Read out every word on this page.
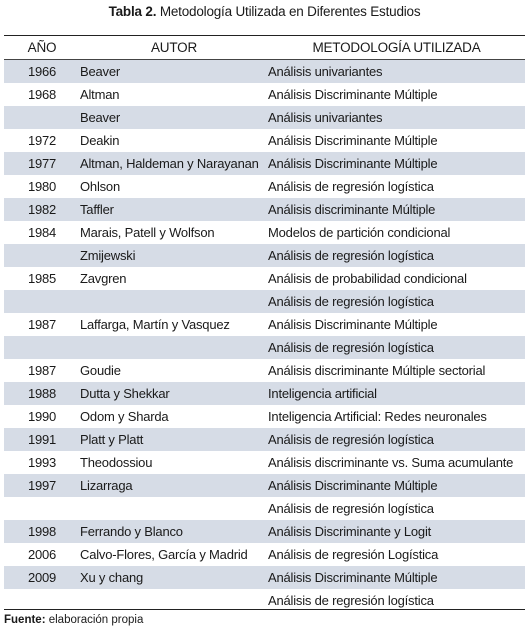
Tabla 2. Metodología Utilizada en Diferentes Estudios
AÑO	AUTOR	METODOLOGÍA UTILIZADA
1966	Beaver	Análisis univariantes
1968	Altman	Análisis Discriminante Múltiple
	Beaver	Análisis univariantes
1972	Deakin	Análisis Discriminante Múltiple
1977	Altman, Haldeman y Narayanan	Análisis Discriminante Múltiple
1980	Ohlson	Análisis de regresión logística
1982	Taffler	Análisis discriminante Múltiple
1984	Marais, Patell y Wolfson	Modelos de partición condicional
	Zmijewski	Análisis de regresión logística
1985	Zavgren	Análisis de probabilidad condicional
		Análisis de regresión logística
1987	Laffarga, Martín y Vasquez	Análisis Discriminante Múltiple
		Análisis de regresión logística
1987	Goudie	Análisis discriminante Múltiple sectorial
1988	Dutta y Shekkar	Inteligencia artificial
1990	Odom y Sharda	Inteligencia Artificial: Redes neuronales
1991	Platt y Platt	Análisis de regresión logística
1993	Theodossiou	Análisis discriminante vs. Suma acumulante
1997	Lizarraga	Análisis Discriminante Múltiple
		Análisis de regresión logística
1998	Ferrando y Blanco	Análisis Discriminante y Logit
2006	Calvo-Flores, García y Madrid	Análisis de regresión Logística
2009	Xu y chang	Análisis Discriminante Múltiple
		Análisis de regresión logística
Fuente: elaboración propia
